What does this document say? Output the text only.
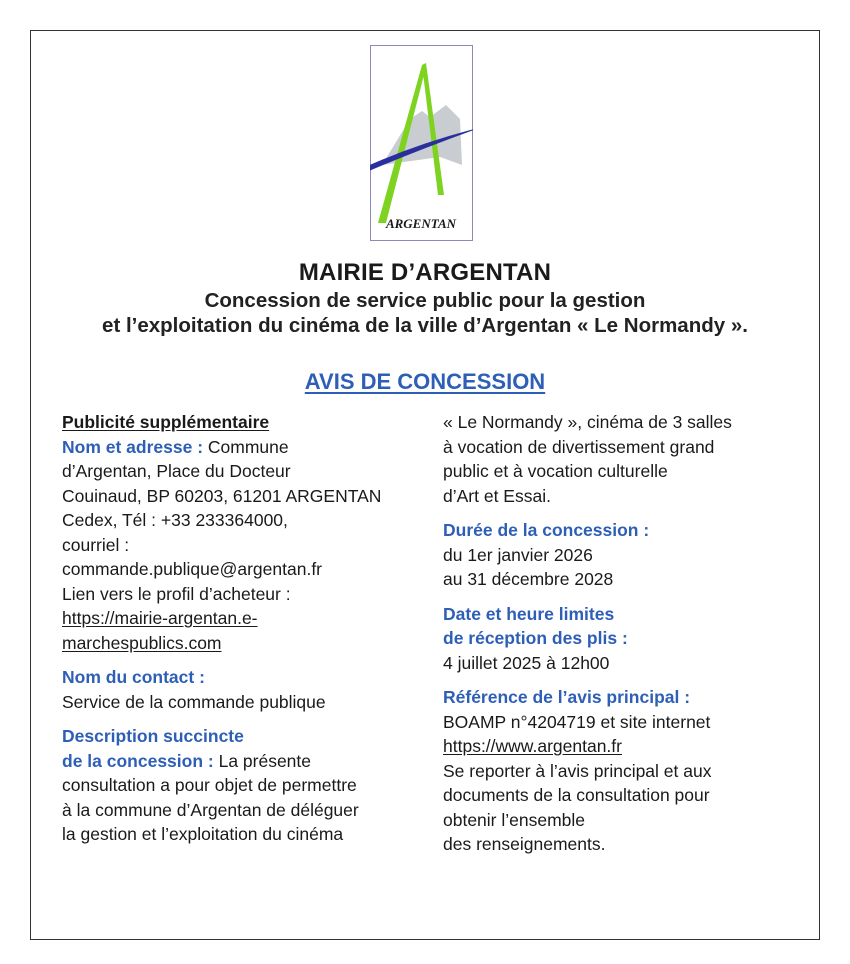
ARGENTAN
MAIRIE D’ARGENTAN
Concession de service public pour la gestion
et l’exploitation du cinéma de la ville d’Argentan « Le Normandy ».
AVIS DE CONCESSION
Publicité supplémentaire
Nom et adresse : Commune
d’Argentan, Place du Docteur
Couinaud, BP 60203, 61201 ARGENTAN
Cedex, Tél : +33 233364000,
courriel :
commande.publique@argentan.fr
Lien vers le profil d’acheteur :
https://mairie-argentan.e-
marchespublics.com
Nom du contact :
Service de la commande publique
Description succincte
de la concession : La présente
consultation a pour objet de permettre
à la commune d’Argentan de déléguer
la gestion et l’exploitation du cinéma
« Le Normandy », cinéma de 3 salles
à vocation de divertissement grand
public et à vocation culturelle
d’Art et Essai.
Durée de la concession :
du 1er janvier 2026
au 31 décembre 2028
Date et heure limites
de réception des plis :
4 juillet 2025 à 12h00
Référence de l’avis principal :
BOAMP n°4204719 et site internet
https://www.argentan.fr
Se reporter à l’avis principal et aux
documents de la consultation pour
obtenir l’ensemble
des renseignements.
